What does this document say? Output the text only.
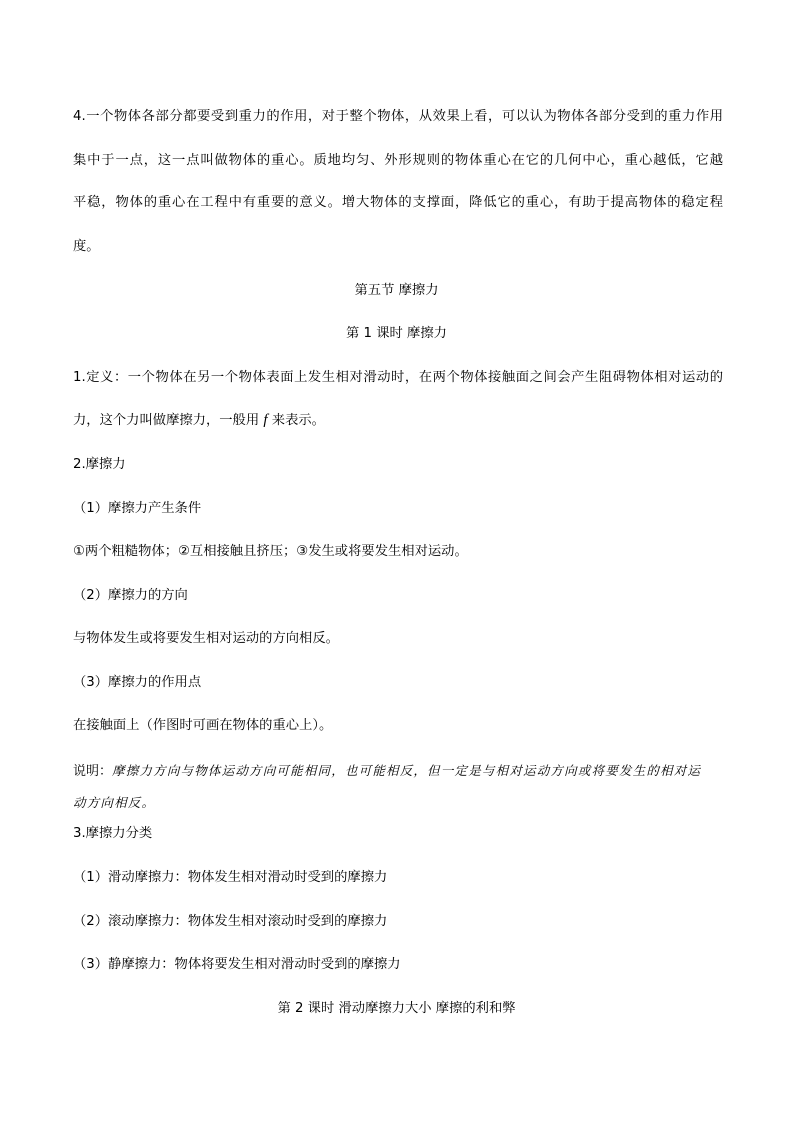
4.一个物体各部分都要受到重力的作用，对于整个物体，从效果上看，可以认为物体各部分受到的重力作用
集中于一点，这一点叫做物体的重心。质地均匀、外形规则的物体重心在它的几何中心，重心越低，它越
平稳，物体的重心在工程中有重要的意义。增大物体的支撑面，降低它的重心，有助于提高物体的稳定程
度。
第五节 摩擦力
第 1 课时 摩擦力
1.定义：一个物体在另一个物体表面上发生相对滑动时，在两个物体接触面之间会产生阻碍物体相对运动的
力，这个力叫做摩擦力，一般用 f 来表示。
2.摩擦力
（1）摩擦力产生条件
①两个粗糙物体；②互相接触且挤压；③发生或将要发生相对运动。
（2）摩擦力的方向
与物体发生或将要发生相对运动的方向相反。
（3）摩擦力的作用点
在接触面上（作图时可画在物体的重心上）。
说明：摩擦力方向与物体运动方向可能相同，也可能相反，但一定是与相对运动方向或将要发生的相对运
动方向相反。
3.摩擦力分类
（1）滑动摩擦力：物体发生相对滑动时受到的摩擦力
（2）滚动摩擦力：物体发生相对滚动时受到的摩擦力
（3）静摩擦力：物体将要发生相对滑动时受到的摩擦力
第 2 课时 滑动摩擦力大小 摩擦的利和弊
